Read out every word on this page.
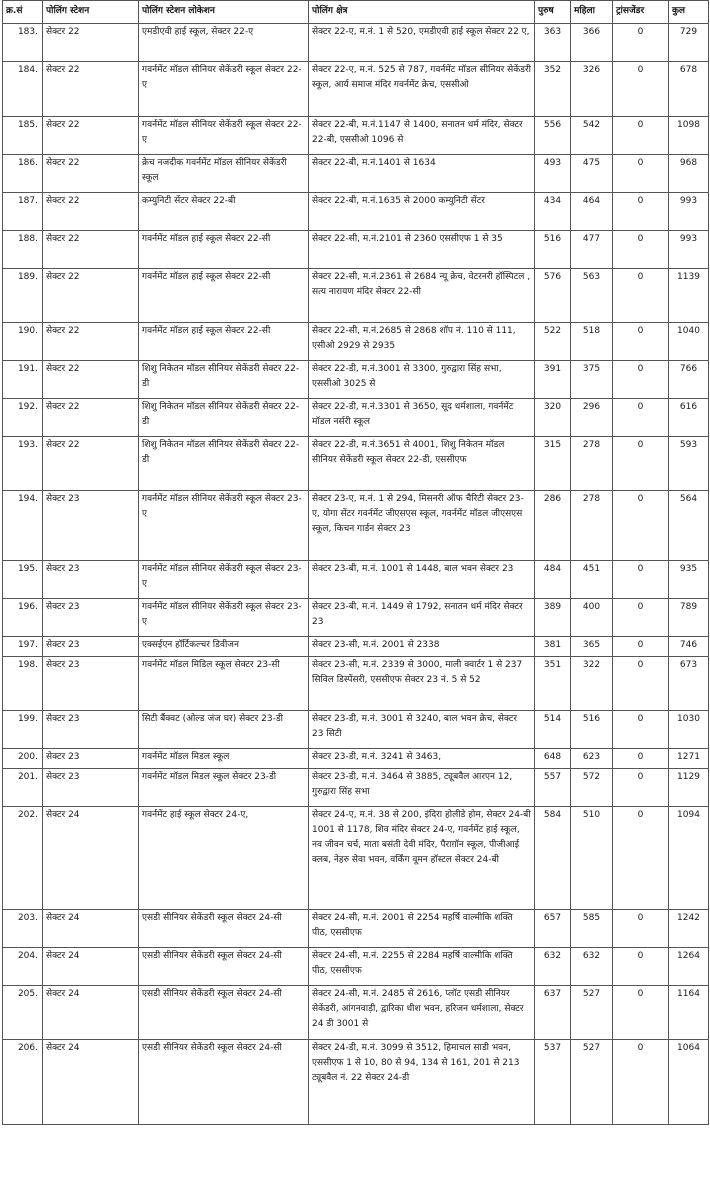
क्र.सं	पोलिंग स्टेशन	पोलिंग स्टेशन लोकेशन	पोलिंग क्षेत्र	पुरुष	महिला	ट्रांसजेंडर	कुल
183.	सेक्टर 22	एमडीएवी हाई स्कूल, सेक्टर 22-ए	सेक्टर 22-ए, म.नं. 1 से 520, एमडीएवी हाई स्कूल सेक्टर 22 ए,	363	366	0	729
184.	सेक्टर 22	गवर्नमेंट मॉडल सीनियर सेकेंडरी स्कूल सेक्टर 22-ए	सेक्टर 22-ए, म.नं. 525 से 787, गवर्नमेंट मॉडल सीनियर सेकेंडरी स्कूल, आर्य समाज मंदिर गवर्नमेंट क्रेच, एससीओ	352	326	0	678
185.	सेक्टर 22	गवर्नमेंट मॉडल सीनियर सेकेंडरी स्कूल सेक्टर 22-ए	सेक्टर 22-बी, म.नं.1147 से 1400, सनातन धर्म मंदिर, सेक्टर 22-बी, एससीओ 1096 से	556	542	0	1098
186.	सेक्टर 22	क्रेच नजदीक गवर्नमेंट मॉडल सीनियर सेकेंडरी स्कूल	सेक्टर 22-बी, म.नं.1401 से 1634	493	475	0	968
187.	सेक्टर 22	कम्युनिटी सेंटर सेक्टर 22-बी	सेक्टर 22-बी, म.नं.1635 से 2000 कम्युनिटी सेंटर	434	464	0	993
188.	सेक्टर 22	गवर्नमेंट मॉडल हाई स्कूल सेक्टर 22-सी	सेक्टर 22-सी, म.नं.2101 से 2360 एससीएफ 1 से 35	516	477	0	993
189.	सेक्टर 22	गवर्नमेंट मॉडल हाई स्कूल सेक्टर 22-सी	सेक्टर 22-सी, म.नं.2361 से 2684 न्यू क्रेच, वेटरनरी हॉस्पिटल , सत्य नारायण मंदिर सेक्टर 22-सी	576	563	0	1139
190.	सेक्टर 22	गवर्नमेंट मॉडल हाई स्कूल सेक्टर 22-सी	सेक्टर 22-सी, म.नं.2685 से 2868 शॉप नं. 110 से 111, एसीओ 2929 से 2935	522	518	0	1040
191.	सेक्टर 22	शिशु निकेतन मॉडल सीनियर सेकेंडरी सेक्टर 22-डी	सेक्टर 22-डी, म.नं.3001 से 3300, गुरुद्वारा सिंह सभा, एससीओ 3025 से	391	375	0	766
192.	सेक्टर 22	शिशु निकेतन मॉडल सीनियर सेकेंडरी सेक्टर 22-डी	सेक्टर 22-डी, म.नं.3301 से 3650, सूद धर्मशाला, गवर्नमेंट मॉडल नर्सरी स्कूल	320	296	0	616
193.	सेक्टर 22	शिशु निकेतन मॉडल सीनियर सेकेंडरी सेक्टर 22-डी	सेक्टर 22-डी, म.नं.3651 से 4001, शिशु निकेतन मॉडल सीनियर सेकेंडरी स्कूल सेक्टर 22-डी, एससीएफ	315	278	0	593
194.	सेक्टर 23	गवर्नमेंट मॉडल सीनियर सेकेंडरी स्कूल सेक्टर 23-ए	सेक्टर 23-ए, म.नं. 1 से 294, मिसनरी ऑफ चैरिटी सेक्टर 23-ए, योगा सेंटर गवर्नमेंट जीएसएस स्कूल, गवर्नमेंट मॉडल जीएसएस स्कूल, किचन गार्डन सेक्टर 23	286	278	0	564
195.	सेक्टर 23	गवर्नमेंट मॉडल सीनियर सेकेंडरी स्कूल सेक्टर 23-ए	सेक्टर 23-बी, म.नं. 1001 से 1448, बाल भवन सेक्टर 23	484	451	0	935
196.	सेक्टर 23	गवर्नमेंट मॉडल सीनियर सेकेंडरी स्कूल सेक्टर 23-ए	सेक्टर 23-बी, म.नं. 1449 से 1792, सनातन धर्म मंदिर सेक्टर 23	389	400	0	789
197.	सेक्टर 23	एक्सईएन हॉर्टिकल्चर डिवीजन	सेक्टर 23-सी, म.नं. 2001 से 2338	381	365	0	746
198.	सेक्टर 23	गवर्नमेंट मॉडल मिडिल स्कूल सेक्टर 23-सी	सेक्टर 23-सी, म.नं. 2339 से 3000, माली क्वार्टर 1 से 237 सिविल डिस्पेंसरी, एससीएफ सेक्टर 23 नं. 5 से 52	351	322	0	673
199.	सेक्टर 23	सिटी बैंक्वट (ओल्ड जंज घर) सेक्टर 23-डी	सेक्टर 23-डी, म.नं. 3001 से 3240, बाल भवन क्रेच, सेक्टर 23 सिटी	514	516	0	1030
200.	सेक्टर 23	गवर्नमेंट मॉडल मिडल स्कूल	सेक्टर 23-डी, म.नं. 3241 से 3463,	648	623	0	1271
201.	सेक्टर 23	गवर्नमेंट मॉडल मिडल स्कूल सेक्टर 23-डी	सेक्टर 23-डी, म.नं. 3464 से 3885, ट्यूबवैल आरएन 12, गुरुद्वारा सिंह सभा	557	572	0	1129
202.	सेक्टर 24	गवर्नमेंट हाई स्कूल सेक्टर 24-ए,	सेक्टर 24-ए, म.नं. 38 से 200, इंदिरा होलीडे होम, सेक्टर 24-बी 1001 से 1178, शिव मंदिर सेक्टर 24-ए, गवर्नमेंट हाई स्कूल, नव जीवन चर्च, माता बसंती देवी मंदिर, पैराग़ॉन स्कूल, पीजीआई क्लब, नेहरु सेवा भवन, वर्किंग वूमन हॉस्टल सेक्टर 24-बी	584	510	0	1094
203.	सेक्टर 24	एसडी सीनियर सेकेंडरी स्कूल सेक्टर 24-सी	सेक्टर 24-सी, म.नं. 2001 से 2254 महर्षि वाल्मीकि शक्ति पीठ, एससीएफ	657	585	0	1242
204.	सेक्टर 24	एसडी सीनियर सेकेंडरी स्कूल सेक्टर 24-सी	सेक्टर 24-सी, म.नं. 2255 से 2284 महर्षि वाल्मीकि शक्ति पीठ, एससीएफ	632	632	0	1264
205.	सेक्टर 24	एसडी सीनियर सेकेंडरी स्कूल सेक्टर 24-सी	सेक्टर 24-सी, म.नं. 2485 से 2616, प्लॉट एसडी सीनियर सेकेंडरी, आंगनवाड़ी, द्वारिका धीश भवन, हरिजन धर्मशाला, सेक्टर 24 डी 3001 से	637	527	0	1164
206.	सेक्टर 24	एसडी सीनियर सेकेंडरी स्कूल सेक्टर 24-सी	सेक्टर 24-डी, म.नं. 3099 से 3512, हिमाचल साडी भवन, एससीएफ 1 से 10, 80 से 94, 134 से 161, 201 से 213 ट्यूबवैल नं. 22 सेक्टर 24-डी	537	527	0	1064
